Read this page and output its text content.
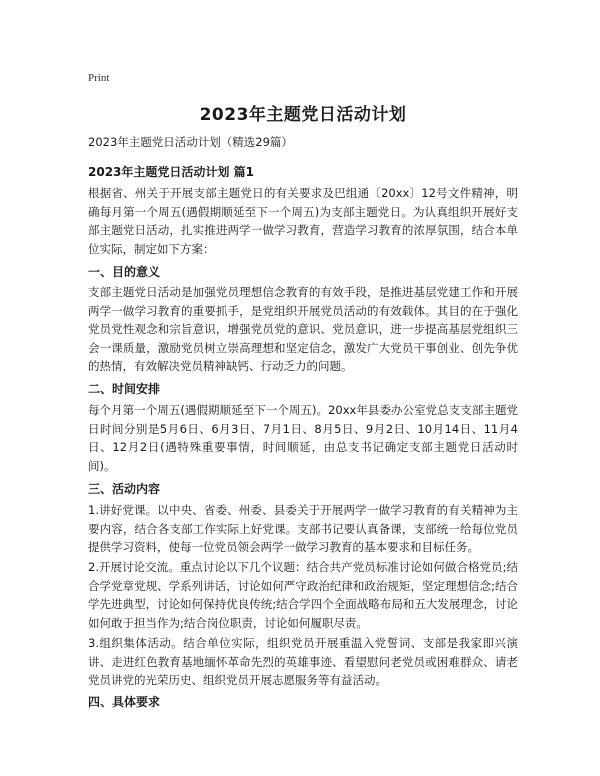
Print
2023年主题党日活动计划
2023年主题党日活动计划（精选29篇）
2023年主题党日活动计划 篇1
根据省、州关于开展支部主题党日的有关要求及巴组通〔20xx〕12号文件精神，明确每月第一个周五(遇假期顺延至下一个周五)为支部主题党日。为认真组织开展好支部主题党日活动，扎实推进两学一做学习教育，营造学习教育的浓厚氛围，结合本单位实际，制定如下方案：
一、目的意义
支部主题党日活动是加强党员理想信念教育的有效手段，是推进基层党建工作和开展两学一做学习教育的重要抓手，是党组织开展党员活动的有效载体。其目的在于强化党员党性观念和宗旨意识，增强党员党的意识、党员意识，进一步提高基层党组织三会一课质量，激励党员树立崇高理想和坚定信念，激发广大党员干事创业、创先争优的热情，有效解决党员精神缺钙、行动乏力的问题。
二、时间安排
每个月第一个周五(遇假期顺延至下一个周五)。20xx年县委办公室党总支支部主题党日时间分别是5月6日、6月3日、7月1日、8月5日、9月2日、10月14日、11月4日、12月2日(遇特殊重要事情，时间顺延，由总支书记确定支部主题党日活动时间)。
三、活动内容
1.讲好党课。以中央、省委、州委、县委关于开展两学一做学习教育的有关精神为主要内容，结合各支部工作实际上好党课。支部书记要认真备课，支部统一给每位党员提供学习资料，使每一位党员领会两学一做学习教育的基本要求和目标任务。
2.开展讨论交流。重点讨论以下几个议题：结合共产党员标准讨论如何做合格党员;结合学党章党规、学系列讲话，讨论如何严守政治纪律和政治规矩，坚定理想信念;结合学先进典型，讨论如何保持优良传统;结合学四个全面战略布局和五大发展理念，讨论如何敢于担当作为;结合岗位职责，讨论如何履职尽责。
3.组织集体活动。结合单位实际，组织党员开展重温入党誓词、支部是我家即兴演讲、走进红色教育基地缅怀革命先烈的英雄事迹、看望慰问老党员或困难群众、请老党员讲党的光荣历史、组织党员开展志愿服务等有益活动。
四、具体要求
